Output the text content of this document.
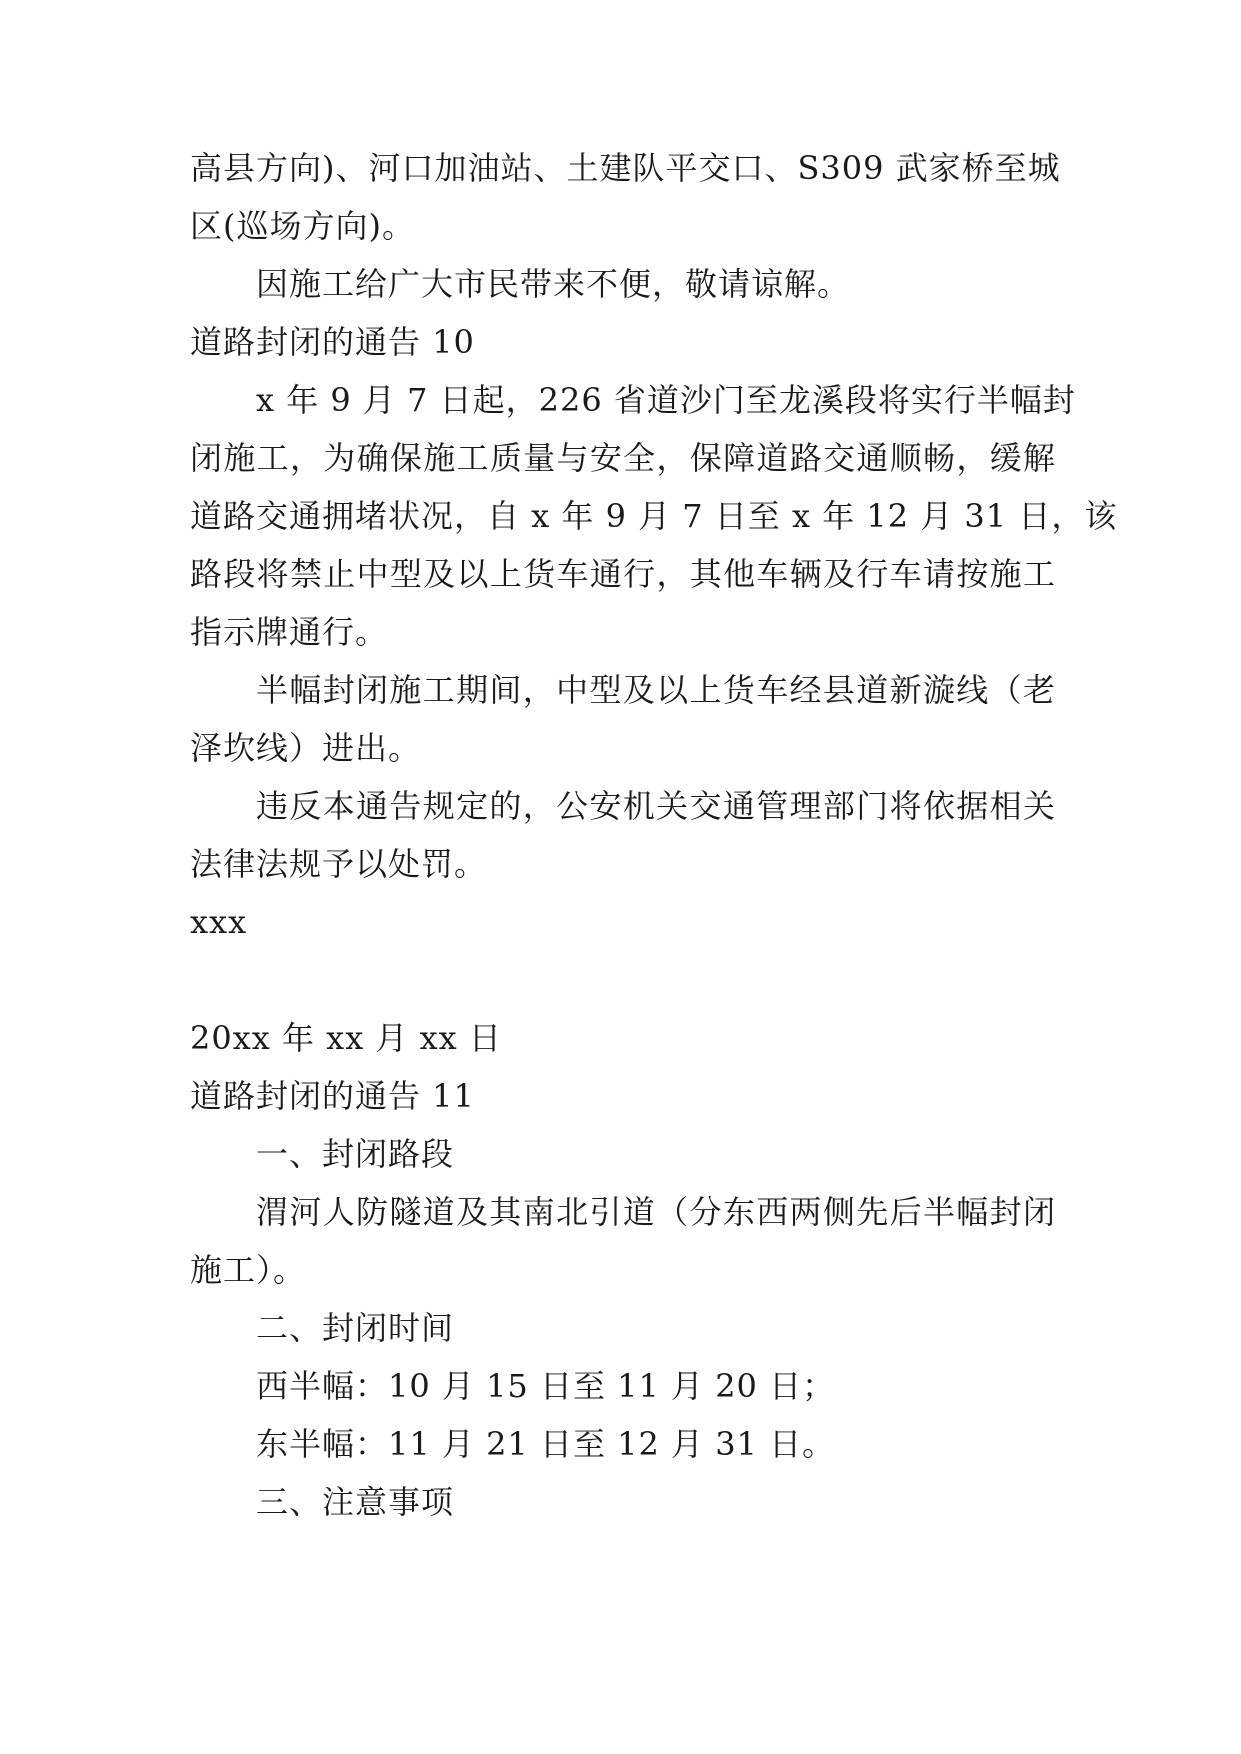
高县方向)、河口加油站、土建队平交口、S309 武家桥至城
区(巡场方向)。
因施工给广大市民带来不便，敬请谅解。
道路封闭的通告 10
x 年 9 月 7 日起，226 省道沙门至龙溪段将实行半幅封
闭施工，为确保施工质量与安全，保障道路交通顺畅，缓解
道路交通拥堵状况，自 x 年 9 月 7 日至 x 年 12 月 31 日，该
路段将禁止中型及以上货车通行，其他车辆及行车请按施工
指示牌通行。
半幅封闭施工期间，中型及以上货车经县道新漩线（老
泽坎线）进出。
违反本通告规定的，公安机关交通管理部门将依据相关
法律法规予以处罚。
xxx
20xx 年 xx 月 xx 日
道路封闭的通告 11
一、封闭路段
渭河人防隧道及其南北引道（分东西两侧先后半幅封闭
施工）。
二、封闭时间
西半幅：10 月 15 日至 11 月 20 日；
东半幅：11 月 21 日至 12 月 31 日。
三、注意事项
